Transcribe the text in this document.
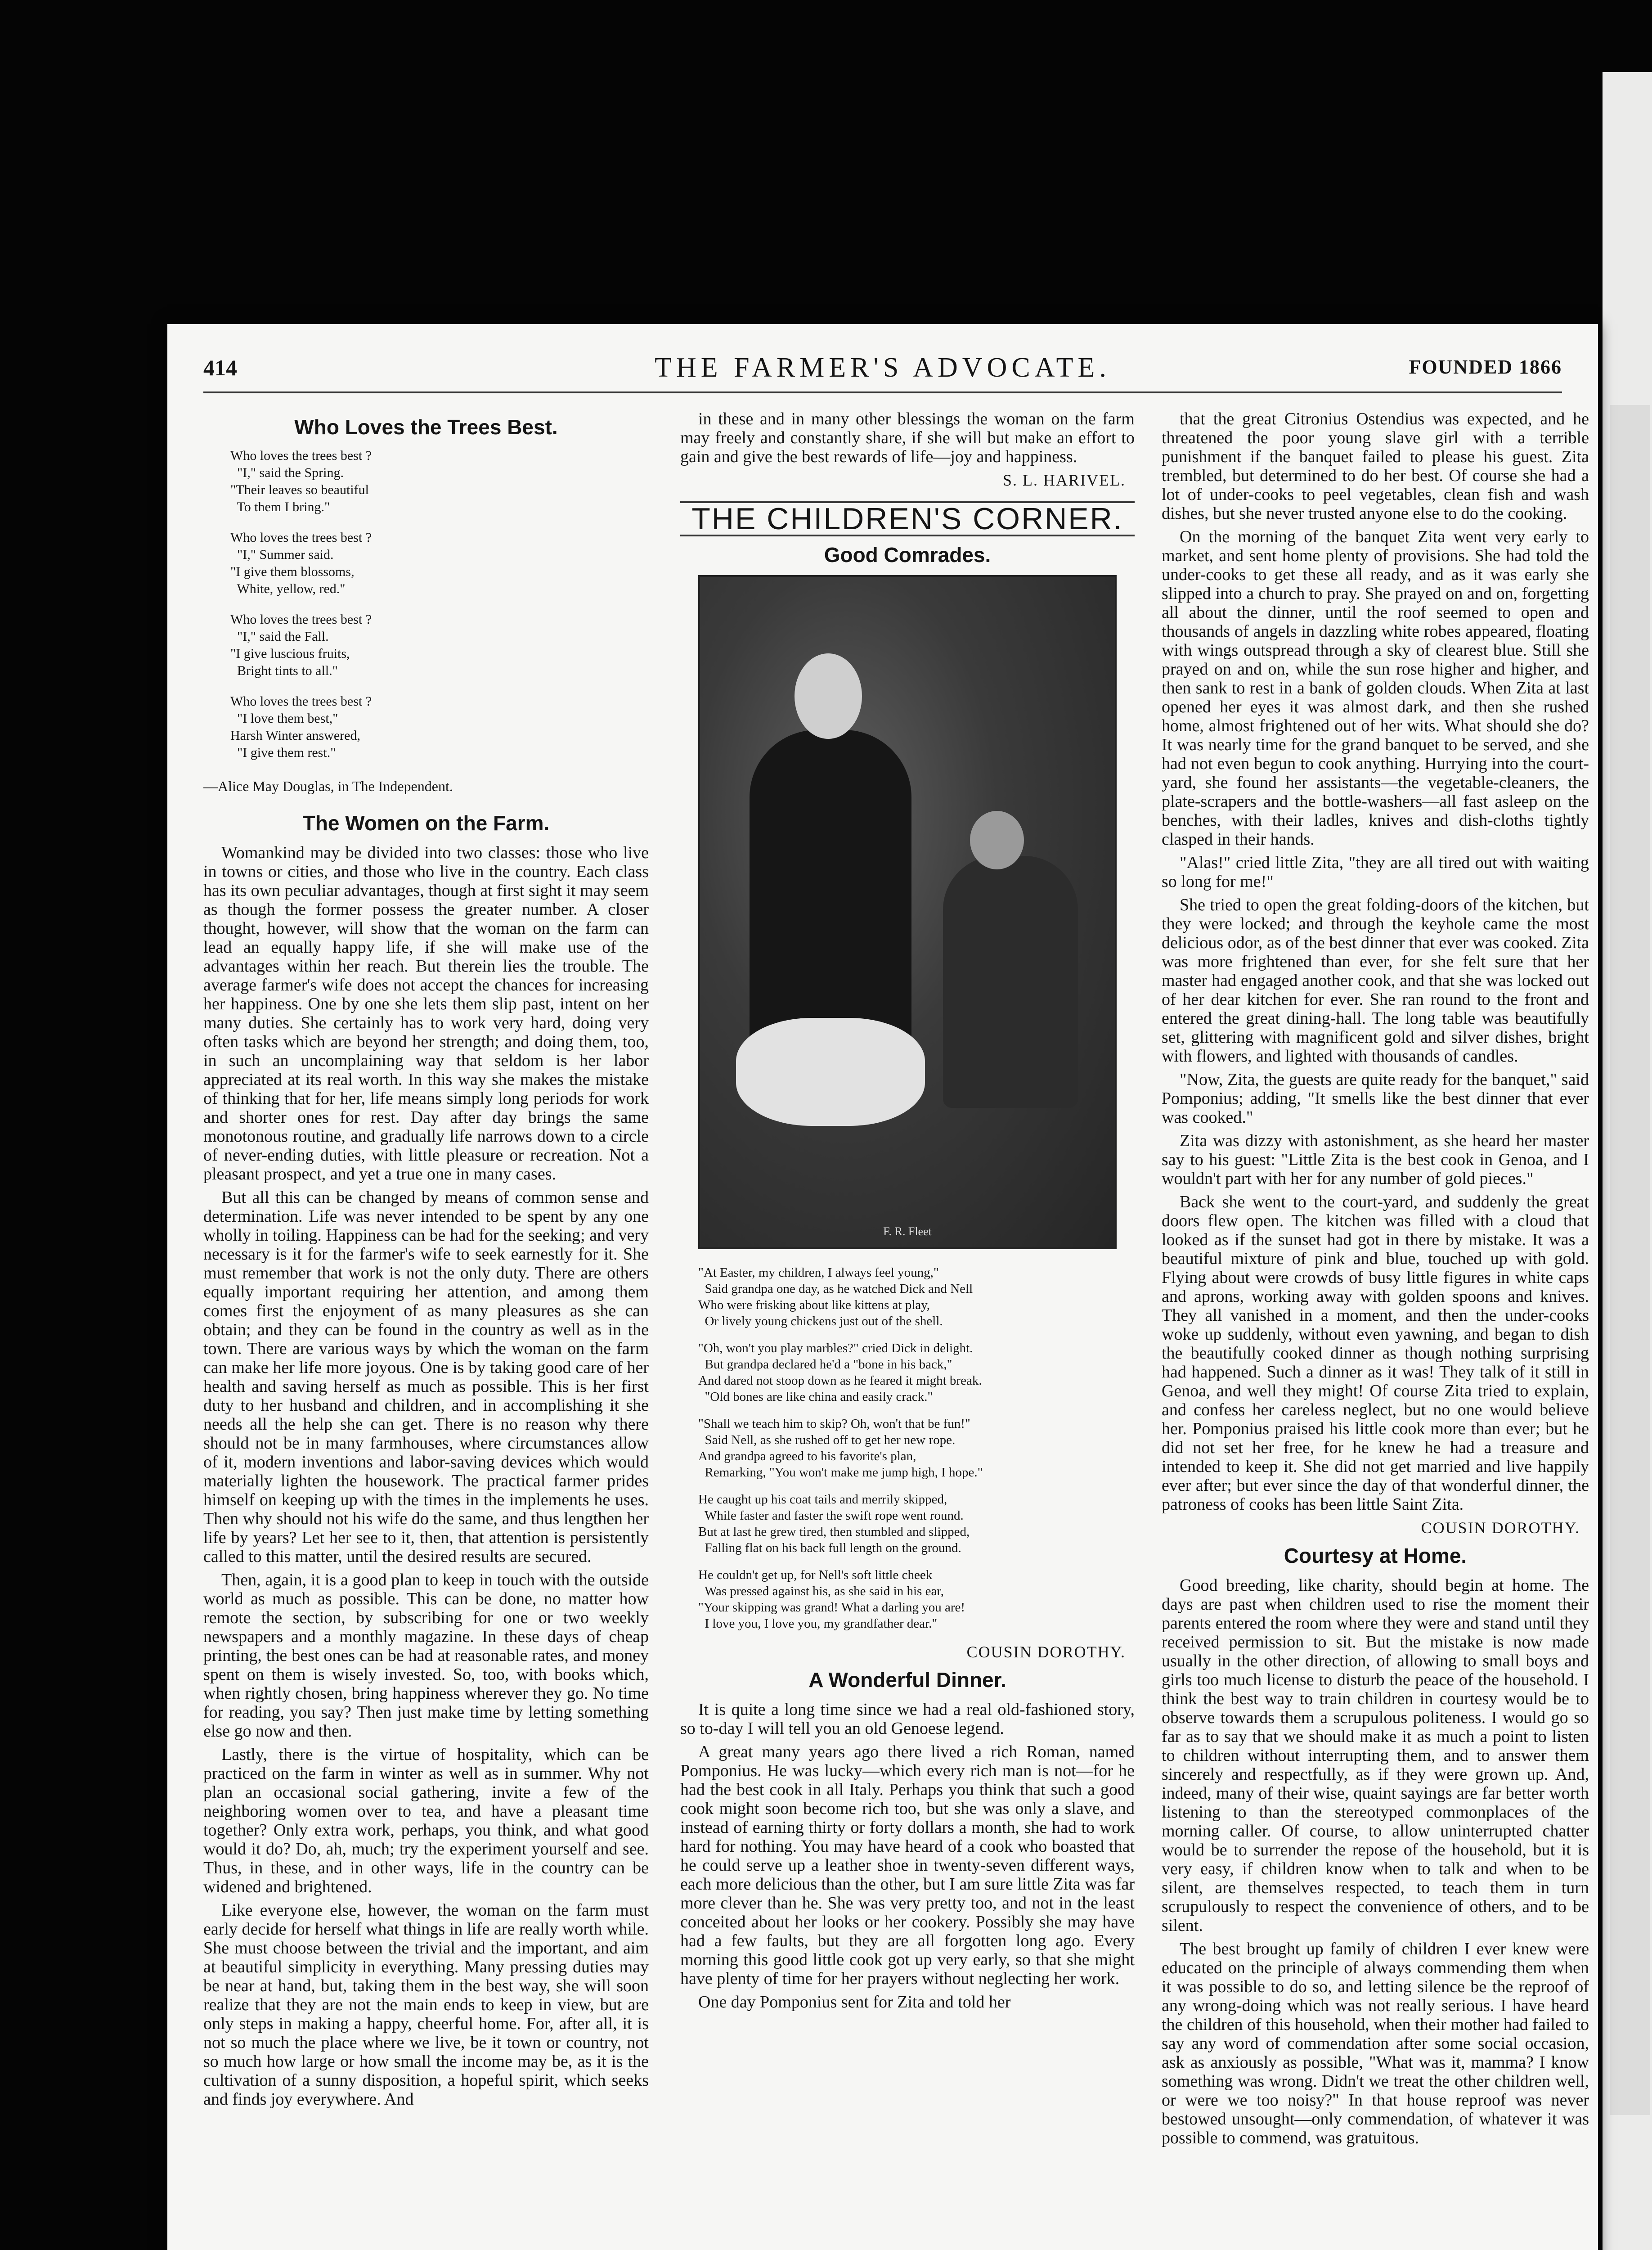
414	THE FARMER'S ADVOCATE.	FOUNDED 1866
Who Loves the Trees Best.
Who loves the trees best ?
"I," said the Spring.
"Their leaves so beautiful
To them I bring."
Who loves the trees best ?
"I," Summer said.
"I give them blossoms,
White, yellow, red."
Who loves the trees best ?
"I," said the Fall.
"I give luscious fruits,
Bright tints to all."
Who loves the trees best ?
"I love them best,"
Harsh Winter answered,
"I give them rest."
—Alice May Douglas, in The Independent.
The Women on the Farm.

Womankind may be divided into two classes: those who live in towns or cities, and those who live in the country. Each class has its own peculiar advantages, though at first sight it may seem as though the former possess the greater number. A closer thought, however, will show that the woman on the farm can lead an equally happy life, if she will make use of the advantages within her reach. But therein lies the trouble. The average farmer's wife does not accept the chances for increasing her happiness. One by one she lets them slip past, intent on her many duties. She certainly has to work very hard, doing very often tasks which are beyond her strength; and doing them, too, in such an uncomplaining way that seldom is her labor appreciated at its real worth. In this way she makes the mistake of thinking that for her, life means simply long periods for work and shorter ones for rest. Day after day brings the same monotonous routine, and gradually life narrows down to a circle of never-ending duties, with little pleasure or recreation. Not a pleasant prospect, and yet a true one in many cases.

But all this can be changed by means of common sense and determination. Life was never intended to be spent by any one wholly in toiling. Happiness can be had for the seeking; and very necessary is it for the farmer's wife to seek earnestly for it. She must remember that work is not the only duty. There are others equally important requiring her attention, and among them comes first the enjoyment of as many pleasures as she can obtain; and they can be found in the country as well as in the town. There are various ways by which the woman on the farm can make her life more joyous. One is by taking good care of her health and saving herself as much as possible. This is her first duty to her husband and children, and in accomplishing it she needs all the help she can get. There is no reason why there should not be in many farmhouses, where circumstances allow of it, modern inventions and labor-saving devices which would materially lighten the housework. The practical farmer prides himself on keeping up with the times in the implements he uses. Then why should not his wife do the same, and thus lengthen her life by years? Let her see to it, then, that attention is persistently called to this matter, until the desired results are secured.

Then, again, it is a good plan to keep in touch with the outside world as much as possible. This can be done, no matter how remote the section, by subscribing for one or two weekly newspapers and a monthly magazine. In these days of cheap printing, the best ones can be had at reasonable rates, and money spent on them is wisely invested. So, too, with books which, when rightly chosen, bring happiness wherever they go. No time for reading, you say? Then just make time by letting something else go now and then.

Lastly, there is the virtue of hospitality, which can be practiced on the farm in winter as well as in summer. Why not plan an occasional social gathering, invite a few of the neighboring women over to tea, and have a pleasant time together? Only extra work, perhaps, you think, and what good would it do? Do, ah, much; try the experiment yourself and see. Thus, in these, and in other ways, life in the country can be widened and brightened.

Like everyone else, however, the woman on the farm must early decide for herself what things in life are really worth while. She must choose between the trivial and the important, and aim at beautiful simplicity in everything. Many pressing duties may be near at hand, but, taking them in the best way, she will soon realize that they are not the main ends to keep in view, but are only steps in making a happy, cheerful home. For, after all, it is not so much the place where we live, be it town or country, not so much how large or how small the income may be, as it is the cultivation of a sunny disposition, a hopeful spirit, which seeks and finds joy everywhere. And

in these and in many other blessings the woman on the farm may freely and constantly share, if she will but make an effort to gain and give the best rewards of life—joy and happiness.

S. L. HARIVEL.
THE CHILDREN'S CORNER.
Good Comrades.
F. R. Fleet
"At Easter, my children, I always feel young,"
Said grandpa one day, as he watched Dick and Nell
Who were frisking about like kittens at play,
Or lively young chickens just out of the shell.
"Oh, won't you play marbles?" cried Dick in delight.
But grandpa declared he'd a "bone in his back,"
And dared not stoop down as he feared it might break.
"Old bones are like china and easily crack."
"Shall we teach him to skip? Oh, won't that be fun!"
Said Nell, as she rushed off to get her new rope.
And grandpa agreed to his favorite's plan,
Remarking, "You won't make me jump high, I hope."
He caught up his coat tails and merrily skipped,
While faster and faster the swift rope went round.
But at last he grew tired, then stumbled and slipped,
Falling flat on his back full length on the ground.
He couldn't get up, for Nell's soft little cheek
Was pressed against his, as she said in his ear,
"Your skipping was grand! What a darling you are!
I love you, I love you, my grandfather dear."
COUSIN DOROTHY.
A Wonderful Dinner.

It is quite a long time since we had a real old-fashioned story, so to-day I will tell you an old Genoese legend.

A great many years ago there lived a rich Roman, named Pomponius. He was lucky—which every rich man is not—for he had the best cook in all Italy. Perhaps you think that such a good cook might soon become rich too, but she was only a slave, and instead of earning thirty or forty dollars a month, she had to work hard for nothing. You may have heard of a cook who boasted that he could serve up a leather shoe in twenty-seven different ways, each more delicious than the other, but I am sure little Zita was far more clever than he. She was very pretty too, and not in the least conceited about her looks or her cookery. Possibly she may have had a few faults, but they are all forgotten long ago. Every morning this good little cook got up very early, so that she might have plenty of time for her prayers without neglecting her work.

One day Pomponius sent for Zita and told her

that the great Citronius Ostendius was expected, and he threatened the poor young slave girl with a terrible punishment if the banquet failed to please his guest. Zita trembled, but determined to do her best. Of course she had a lot of under-cooks to peel vegetables, clean fish and wash dishes, but she never trusted anyone else to do the cooking.

On the morning of the banquet Zita went very early to market, and sent home plenty of provisions. She had told the under-cooks to get these all ready, and as it was early she slipped into a church to pray. She prayed on and on, forgetting all about the dinner, until the roof seemed to open and thousands of angels in dazzling white robes appeared, floating with wings outspread through a sky of clearest blue. Still she prayed on and on, while the sun rose higher and higher, and then sank to rest in a bank of golden clouds. When Zita at last opened her eyes it was almost dark, and then she rushed home, almost frightened out of her wits. What should she do? It was nearly time for the grand banquet to be served, and she had not even begun to cook anything. Hurrying into the court-yard, she found her assistants—the vegetable-cleaners, the plate-scrapers and the bottle-washers—all fast asleep on the benches, with their ladles, knives and dish-cloths tightly clasped in their hands.

"Alas!" cried little Zita, "they are all tired out with waiting so long for me!"

She tried to open the great folding-doors of the kitchen, but they were locked; and through the keyhole came the most delicious odor, as of the best dinner that ever was cooked. Zita was more frightened than ever, for she felt sure that her master had engaged another cook, and that she was locked out of her dear kitchen for ever. She ran round to the front and entered the great dining-hall. The long table was beautifully set, glittering with magnificent gold and silver dishes, bright with flowers, and lighted with thousands of candles.

"Now, Zita, the guests are quite ready for the banquet," said Pomponius; adding, "It smells like the best dinner that ever was cooked."

Zita was dizzy with astonishment, as she heard her master say to his guest: "Little Zita is the best cook in Genoa, and I wouldn't part with her for any number of gold pieces."

Back she went to the court-yard, and suddenly the great doors flew open. The kitchen was filled with a cloud that looked as if the sunset had got in there by mistake. It was a beautiful mixture of pink and blue, touched up with gold. Flying about were crowds of busy little figures in white caps and aprons, working away with golden spoons and knives. They all vanished in a moment, and then the under-cooks woke up suddenly, without even yawning, and began to dish the beautifully cooked dinner as though nothing surprising had happened. Such a dinner as it was! They talk of it still in Genoa, and well they might! Of course Zita tried to explain, and confess her careless neglect, but no one would believe her. Pomponius praised his little cook more than ever; but he did not set her free, for he knew he had a treasure and intended to keep it. She did not get married and live happily ever after; but ever since the day of that wonderful dinner, the patroness of cooks has been little Saint Zita.

COUSIN DOROTHY.
Courtesy at Home.

Good breeding, like charity, should begin at home. The days are past when children used to rise the moment their parents entered the room where they were and stand until they received permission to sit. But the mistake is now made usually in the other direction, of allowing to small boys and girls too much license to disturb the peace of the household. I think the best way to train children in courtesy would be to observe towards them a scrupulous politeness. I would go so far as to say that we should make it as much a point to listen to children without interrupting them, and to answer them sincerely and respectfully, as if they were grown up. And, indeed, many of their wise, quaint sayings are far better worth listening to than the stereotyped commonplaces of the morning caller. Of course, to allow uninterrupted chatter would be to surrender the repose of the household, but it is very easy, if children know when to talk and when to be silent, are themselves respected, to teach them in turn scrupulously to respect the convenience of others, and to be silent.

The best brought up family of children I ever knew were educated on the principle of always commending them when it was possible to do so, and letting silence be the reproof of any wrong-doing which was not really serious. I have heard the children of this household, when their mother had failed to say any word of commendation after some social occasion, ask as anxiously as possible, "What was it, mamma? I know something was wrong. Didn't we treat the other children well, or were we too noisy?" In that house reproof was never bestowed unsought—only commendation, of whatever it was possible to commend, was gratuitous.
